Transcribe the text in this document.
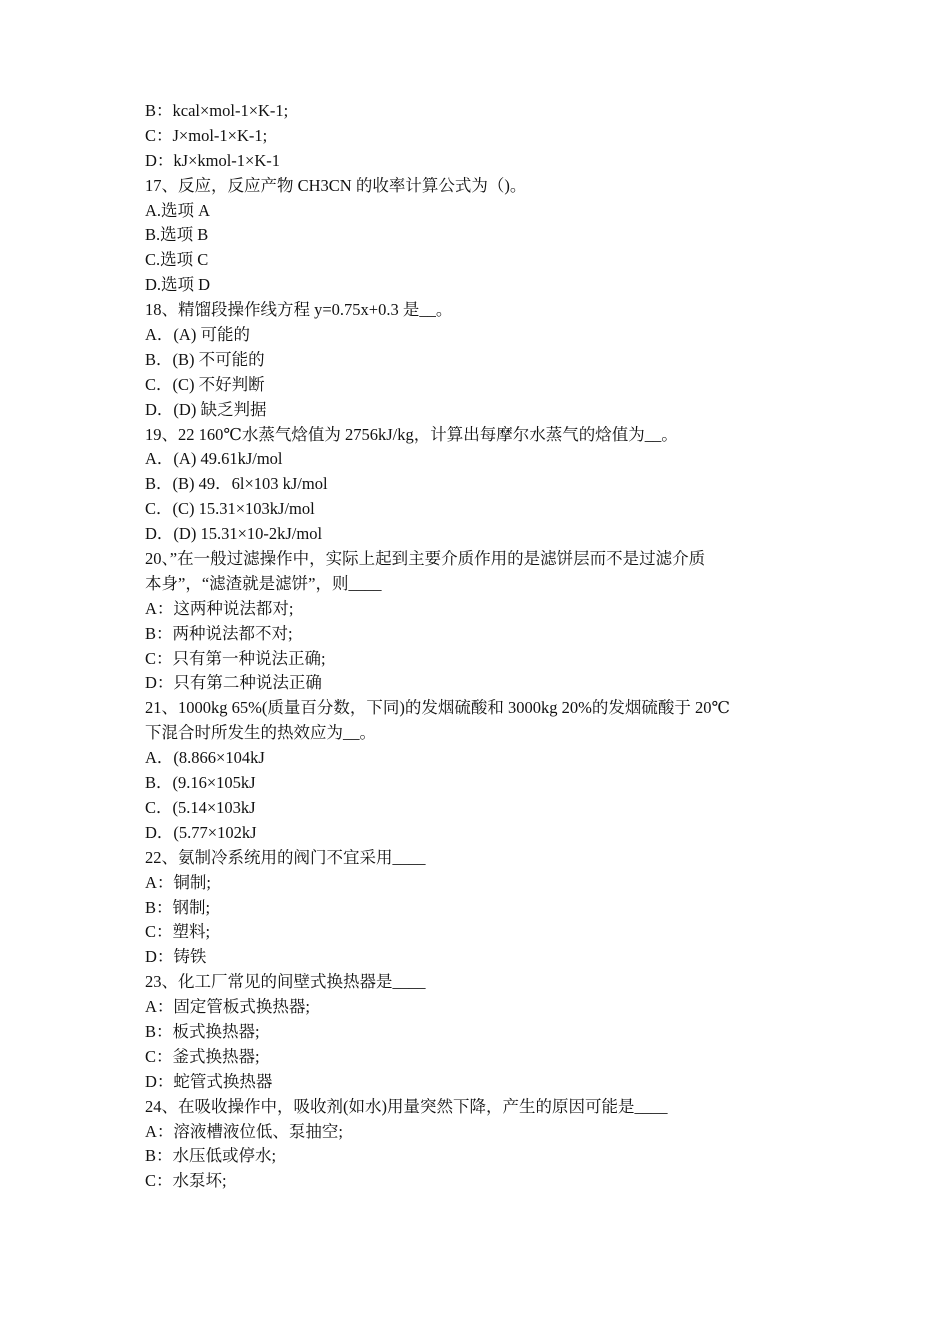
B：kcal×mol-1×K-1;
C：J×mol-1×K-1;
D：kJ×kmol-1×K-1
17、反应，反应产物 CH3CN 的收率计算公式为（)。
A.选项 A
B.选项 B
C.选项 C
D.选项 D
18、精馏段操作线方程 y=0.75x+0.3 是__。
A．(A) 可能的
B．(B) 不可能的
C．(C) 不好判断
D．(D) 缺乏判据
19、22 160℃水蒸气焓值为 2756kJ/kg，计算出每摩尔水蒸气的焓值为__。
A．(A) 49.61kJ/mol
B．(B) 49．6l×103 kJ/mol
C．(C) 15.31×103kJ/mol
D．(D) 15.31×10-2kJ/mol
20、”在一般过滤操作中，实际上起到主要介质作用的是滤饼层而不是过滤介质
本身”，“滤渣就是滤饼”，则____
A：这两种说法都对;
B：两种说法都不对;
C：只有第一种说法正确;
D：只有第二种说法正确
21、1000kg 65%(质量百分数，下同)的发烟硫酸和 3000kg 20%的发烟硫酸于 20℃
下混合时所发生的热效应为__。
A．(8.866×104kJ
B．(9.16×105kJ
C．(5.14×103kJ
D．(5.77×102kJ
22、氨制冷系统用的阀门不宜采用____
A：铜制;
B：钢制;
C：塑料;
D：铸铁
23、化工厂常见的间壁式换热器是____
A：固定管板式换热器;
B：板式换热器;
C：釜式换热器;
D：蛇管式换热器
24、在吸收操作中，吸收剂(如水)用量突然下降，产生的原因可能是____
A：溶液槽液位低、泵抽空;
B：水压低或停水;
C：水泵坏;
